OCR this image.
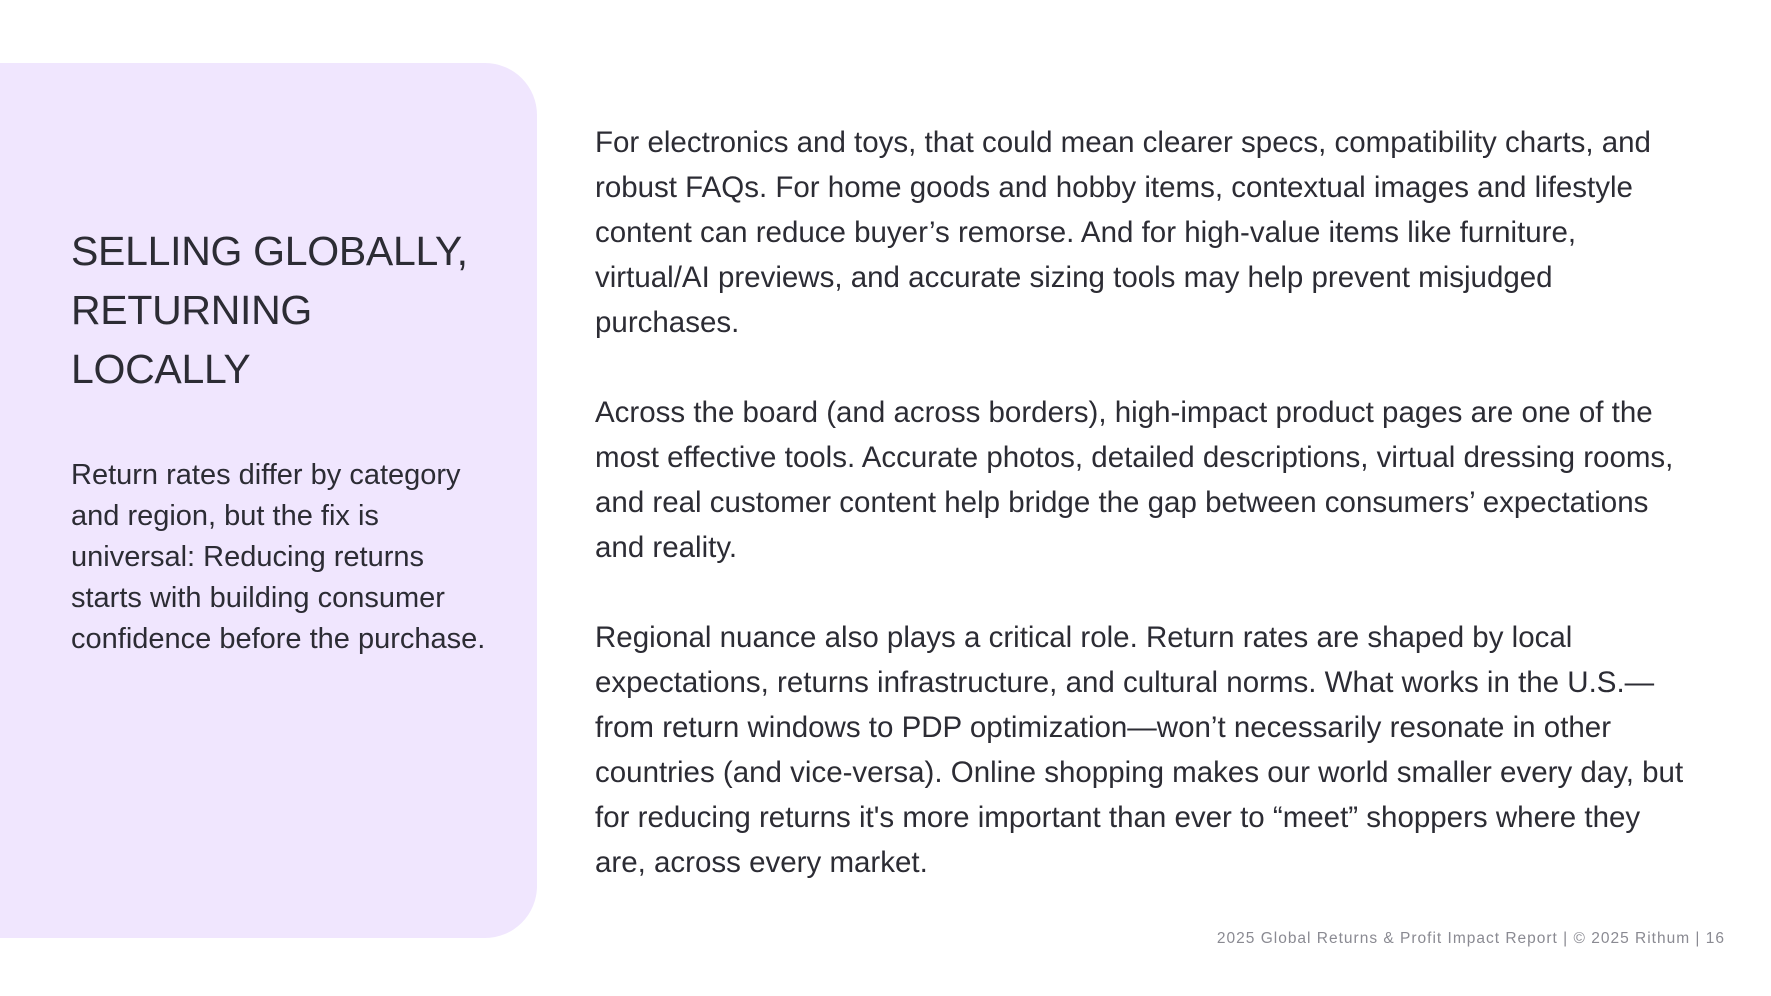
SELLING GLOBALLY,
RETURNING
LOCALLY

Return rates differ by category and region, but the fix is universal: Reducing returns starts with building consumer confidence before the purchase.

For electronics and toys, that could mean clearer specs, compatibility charts, and robust FAQs. For home goods and hobby items, contextual images and lifestyle content can reduce buyer’s remorse. And for high-value items like furniture, virtual/AI previews, and accurate sizing tools may help prevent misjudged purchases.

Across the board (and across borders), high-impact product pages are one of the most effective tools. Accurate photos, detailed descriptions, virtual dressing rooms, and real customer content help bridge the gap between consumers’ expectations and reality.

Regional nuance also plays a critical role. Return rates are shaped by local expectations, returns infrastructure, and cultural norms. What works in the U.S.—from return windows to PDP optimization—won’t necessarily resonate in other countries (and vice-versa). Online shopping makes our world smaller every day, but for reducing returns it's more important than ever to “meet” shoppers where they are, across every market.

2025 Global Returns & Profit Impact Report | © 2025 Rithum | 16
